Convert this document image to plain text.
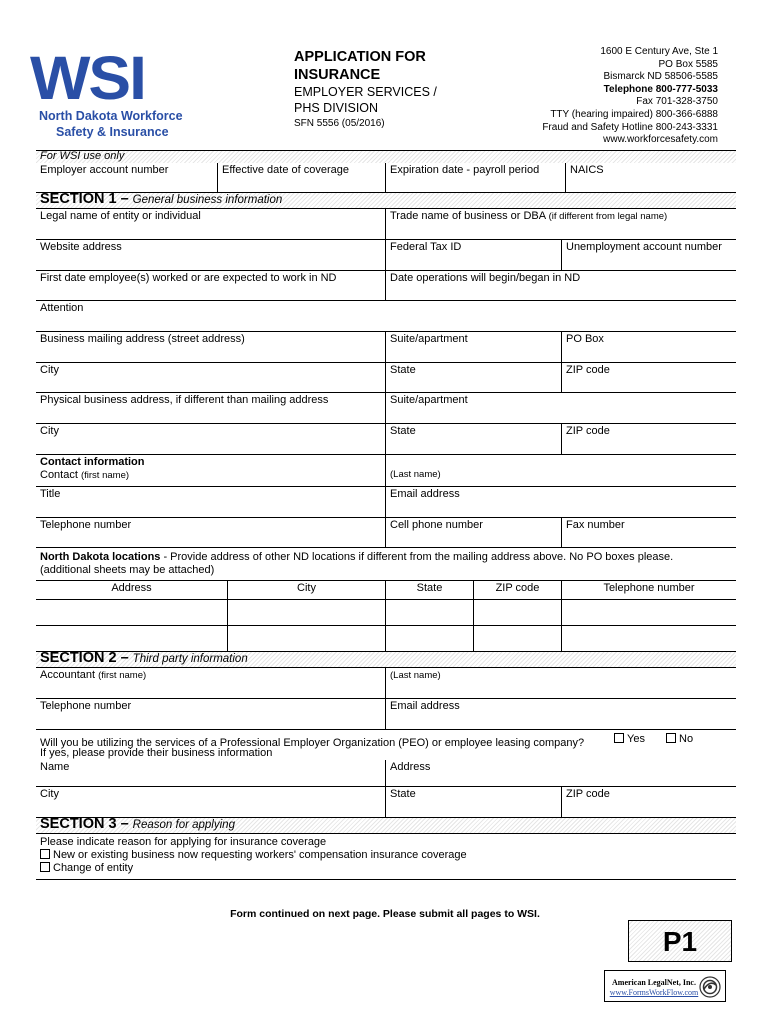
WSI
North Dakota Workforce
Safety & Insurance
APPLICATION FOR
INSURANCE
EMPLOYER SERVICES /
PHS DIVISION
SFN 5556 (05/2016)
1600 E Century Ave, Ste 1
PO Box 5585
Bismarck ND 58506-5585
Telephone 800-777-5033
Fax 701-328-3750
TTY (hearing impaired) 800-366-6888
Fraud and Safety Hotline 800-243-3331
www.workforcesafety.com
For WSI use only
Employer account number	Effective date of coverage	Expiration date - payroll period	NAICS
SECTION 1 – General business information
Legal name of entity or individual	Trade name of business or DBA (if different from legal name)
Website address	Federal Tax ID	Unemployment account number
First date employee(s) worked or are expected to work in ND	Date operations will begin/began in ND
Attention
Business mailing address (street address)	Suite/apartment	PO Box
City	State	ZIP code
Physical business address, if different than mailing address	Suite/apartment
City	State	ZIP code
Contact information
Contact (first name)	(Last name)
Title	Email address
Telephone number	Cell phone number	Fax number
North Dakota locations - Provide address of other ND locations if different from the mailing address above. No PO boxes please.
(additional sheets may be attached)
Address	City	State	ZIP code	Telephone number
SECTION 2 – Third party information
Accountant (first name)	(Last name)
Telephone number	Email address
Will you be utilizing the services of a Professional Employer Organization (PEO) or employee leasing company?	Yes	No
If yes, please provide their business information
Name	Address
City	State	ZIP code
SECTION 3 – Reason for applying
Please indicate reason for applying for insurance coverage
New or existing business now requesting workers' compensation insurance coverage
Change of entity
Form continued on next page. Please submit all pages to WSI.
P1
American LegalNet, Inc.
www.FormsWorkFlow.com
